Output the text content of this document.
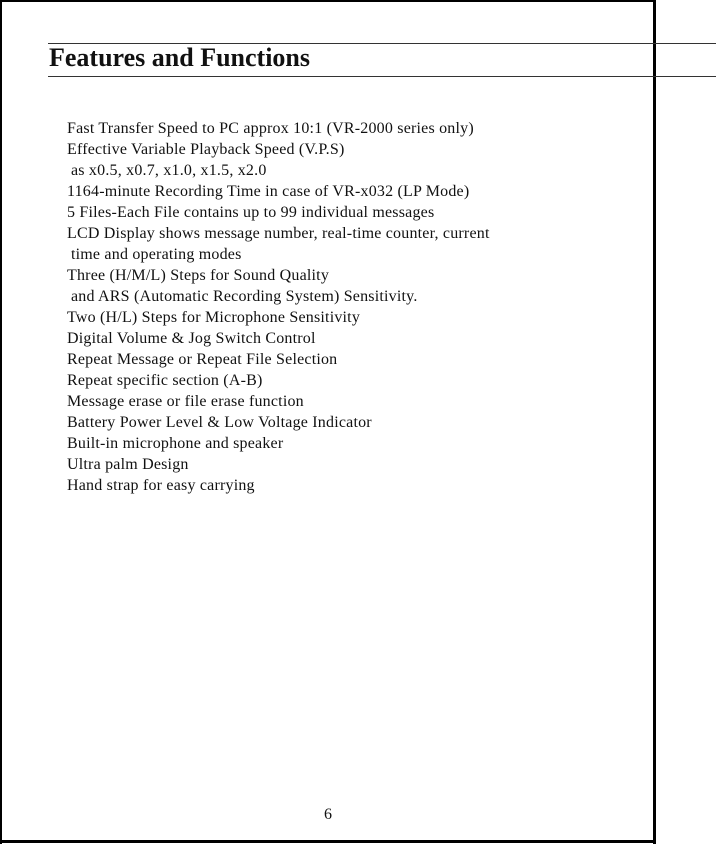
Features and Functions
Fast Transfer Speed to PC approx 10:1 (VR-2000 series only)
Effective Variable Playback Speed (V.P.S)
as x0.5, x0.7, x1.0, x1.5, x2.0
1164-minute Recording Time in case of VR-x032 (LP Mode)
5 Files-Each File contains up to 99 individual messages
LCD Display shows message number, real-time counter, current
time and operating modes
Three (H/M/L) Steps for Sound Quality
and ARS (Automatic Recording System) Sensitivity.
Two (H/L) Steps for Microphone Sensitivity
Digital Volume & Jog Switch Control
Repeat Message or Repeat File Selection
Repeat specific section (A-B)
Message erase or file erase function
Battery Power Level & Low Voltage Indicator
Built-in microphone and speaker
Ultra palm Design
Hand strap for easy carrying
6
